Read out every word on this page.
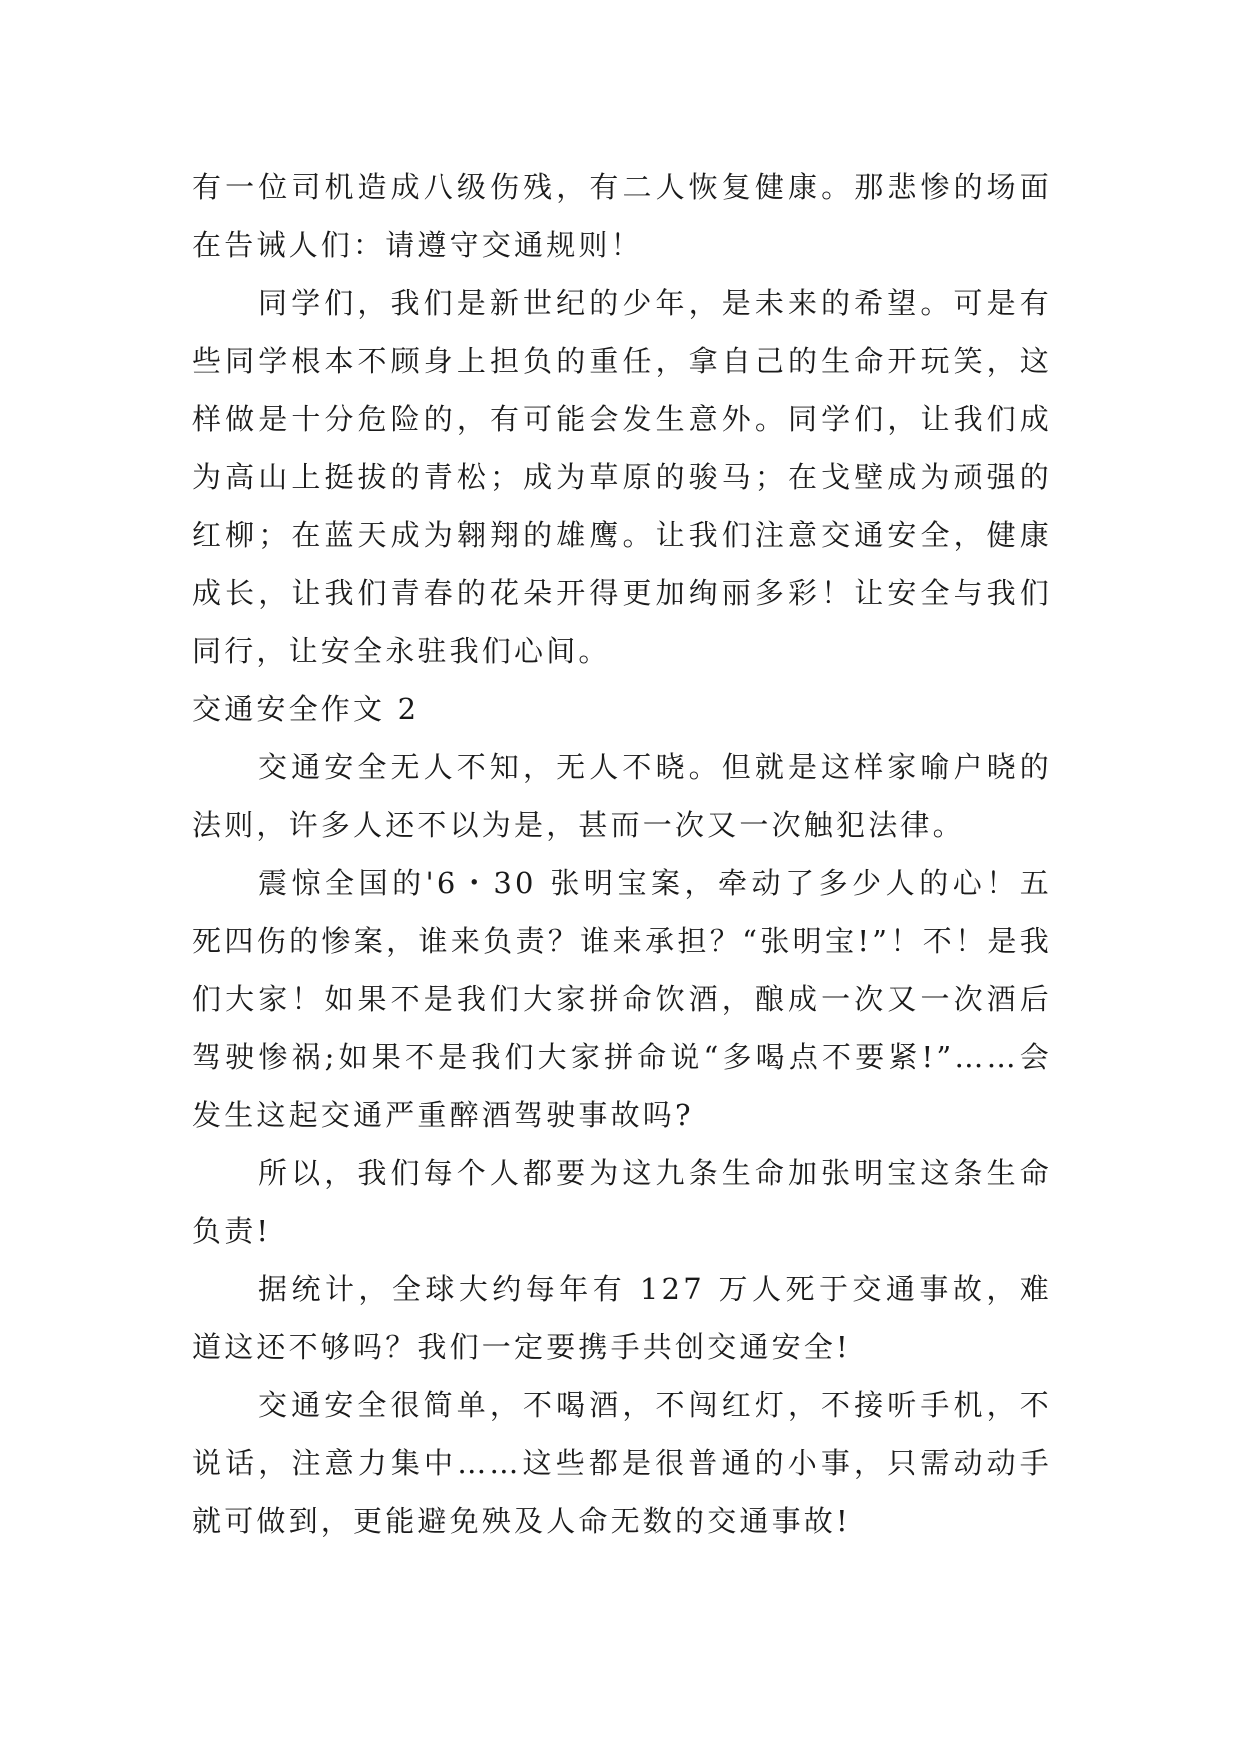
有一位司机造成八级伤残，有二人恢复健康。那悲惨的场面在告诫人们：请遵守交通规则！

同学们，我们是新世纪的少年，是未来的希望。可是有些同学根本不顾身上担负的重任，拿自己的生命开玩笑，这样做是十分危险的，有可能会发生意外。同学们，让我们成为高山上挺拔的青松；成为草原的骏马；在戈壁成为顽强的红柳；在蓝天成为翱翔的雄鹰。让我们注意交通安全，健康成长，让我们青春的花朵开得更加绚丽多彩！让安全与我们同行，让安全永驻我们心间。

交通安全作文 2

交通安全无人不知，无人不晓。但就是这样家喻户晓的法则，许多人还不以为是，甚而一次又一次触犯法律。

震惊全国的'6・30 张明宝案，牵动了多少人的心！五死四伤的惨案，谁来负责？谁来承担？“张明宝!”！不！是我们大家！如果不是我们大家拼命饮酒，酿成一次又一次酒后驾驶惨祸;如果不是我们大家拼命说“多喝点不要紧!”……会发生这起交通严重醉酒驾驶事故吗?

所以，我们每个人都要为这九条生命加张明宝这条生命负责!

据统计，全球大约每年有 127 万人死于交通事故，难道这还不够吗？我们一定要携手共创交通安全!

交通安全很简单，不喝酒，不闯红灯，不接听手机，不说话，注意力集中……这些都是很普通的小事，只需动动手就可做到，更能避免殃及人命无数的交通事故!
